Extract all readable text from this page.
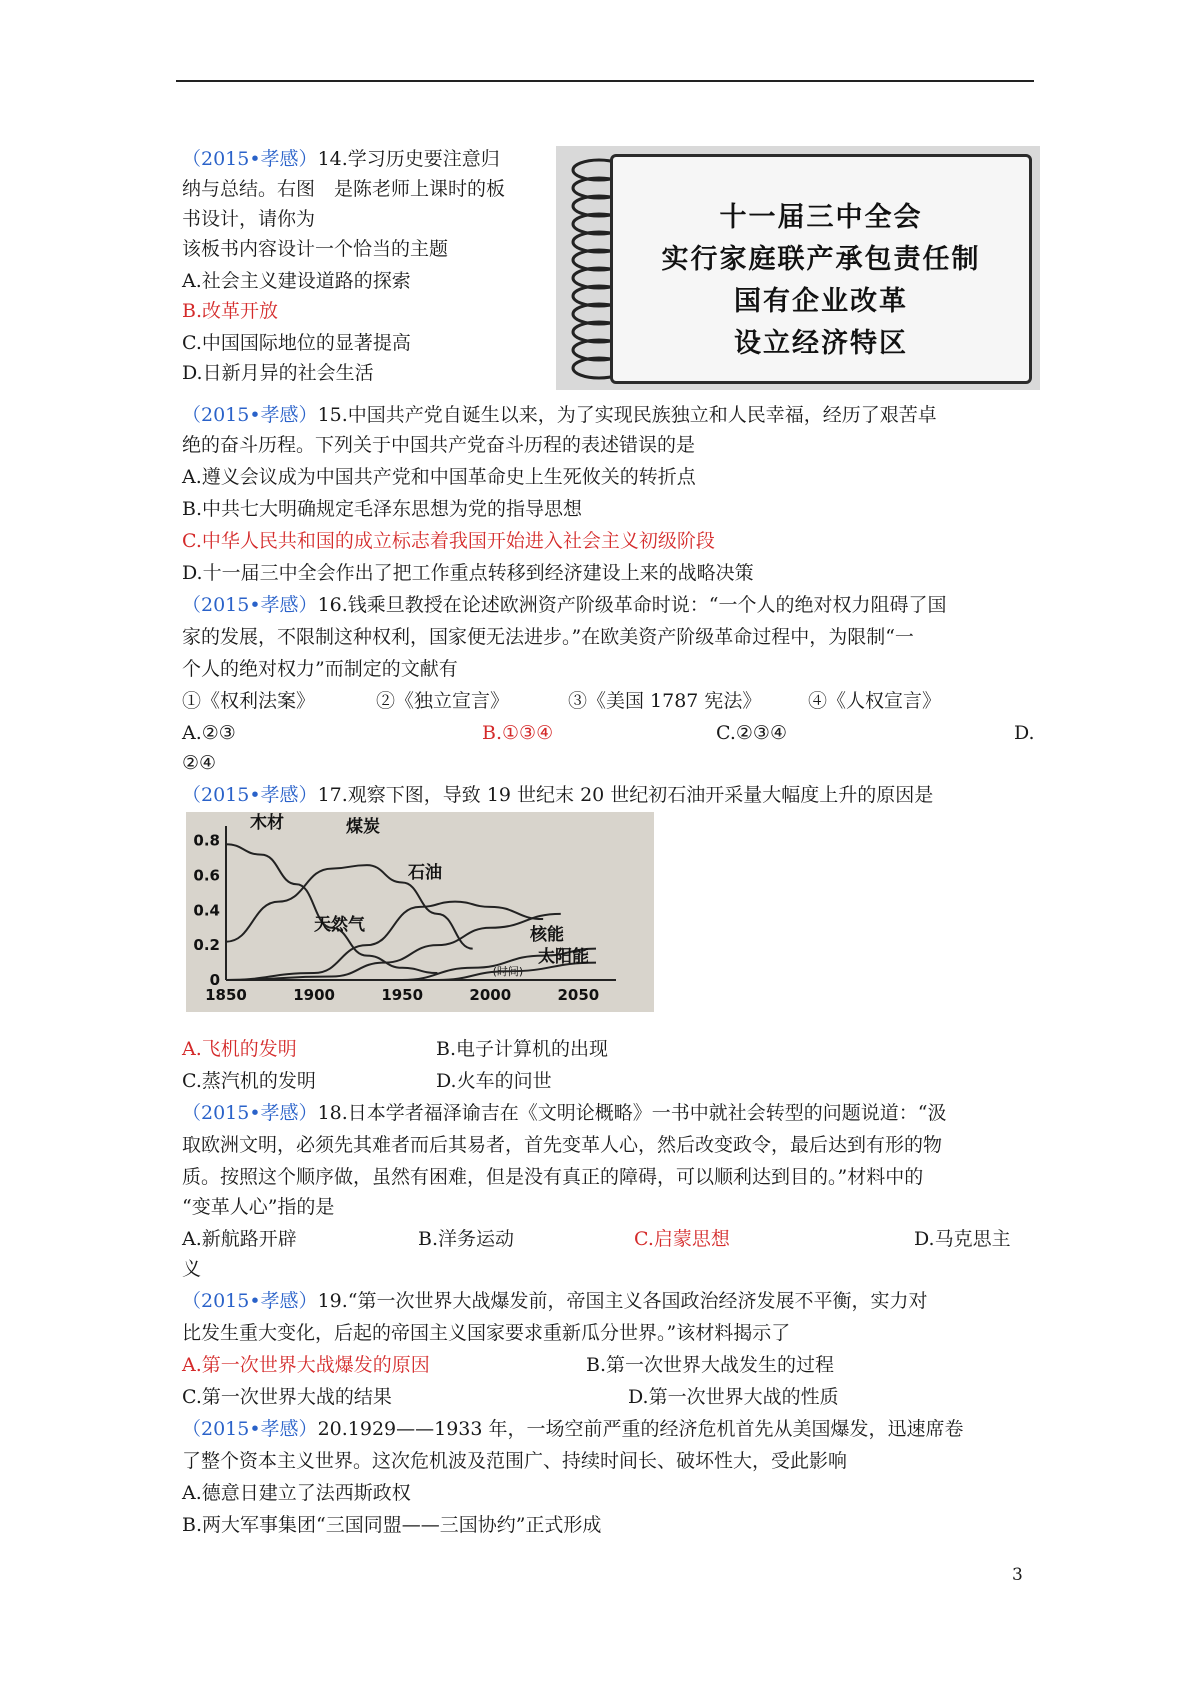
（2015•孝感）14.学习历史要注意归
纳与总结。右图　是陈老师上课时的板
书设计，请你为
该板书内容设计一个恰当的主题
A.社会主义建设道路的探索
B.改革开放
C.中国国际地位的显著提高
D.日新月异的社会生活
十一届三中全会
实行家庭联产承包责任制
国有企业改革
设立经济特区
（2015•孝感）15.中国共产党自诞生以来，为了实现民族独立和人民幸福，经历了艰苦卓
绝的奋斗历程。下列关于中国共产党奋斗历程的表述错误的是
A.遵义会议成为中国共产党和中国革命史上生死攸关的转折点
B.中共七大明确规定毛泽东思想为党的指导思想
C.中华人民共和国的成立标志着我国开始进入社会主义初级阶段
D.十一届三中全会作出了把工作重点转移到经济建设上来的战略决策
（2015•孝感）16.钱乘旦教授在论述欧洲资产阶级革命时说：“一个人的绝对权力阻碍了国
家的发展，不限制这种权利，国家便无法进步。”在欧美资产阶级革命过程中，为限制“一
个人的绝对权力”而制定的文献有
①《权利法案》	②《独立宣言》	③《美国 1787 宪法》 ④《人权宣言》
A.②③	B.①③④	C.②③④	D.
②④
（2015•孝感）17.观察下图，导致 19 世纪末 20 世纪初石油开采量大幅度上升的原因是
0
0.2
0.4
0.6
0.8
1850	1900	1950	2000	2050
(时间)
木材	煤炭
石油
天然气	核能
太阳能
A.飞机的发明	B.电子计算机的出现
C.蒸汽机的发明	D.火车的问世
（2015•孝感）18.日本学者福泽谕吉在《文明论概略》一书中就社会转型的问题说道：“汲
取欧洲文明，必须先其难者而后其易者，首先变革人心，然后改变政令，最后达到有形的物
质。按照这个顺序做，虽然有困难，但是没有真正的障碍，可以顺利达到目的。”材料中的
“变革人心”指的是
A.新航路开辟	B.洋务运动	C.启蒙思想	D.马克思主
义
（2015•孝感）19.“第一次世界大战爆发前，帝国主义各国政治经济发展不平衡，实力对
比发生重大变化，后起的帝国主义国家要求重新瓜分世界。”该材料揭示了
A.第一次世界大战爆发的原因	B.第一次世界大战发生的过程
C.第一次世界大战的结果	D.第一次世界大战的性质
（2015•孝感）20.1929——1933 年，一场空前严重的经济危机首先从美国爆发，迅速席卷
了整个资本主义世界。这次危机波及范围广、持续时间长、破坏性大，受此影响
A.德意日建立了法西斯政权
B.两大军事集团“三国同盟——三国协约”正式形成
3
